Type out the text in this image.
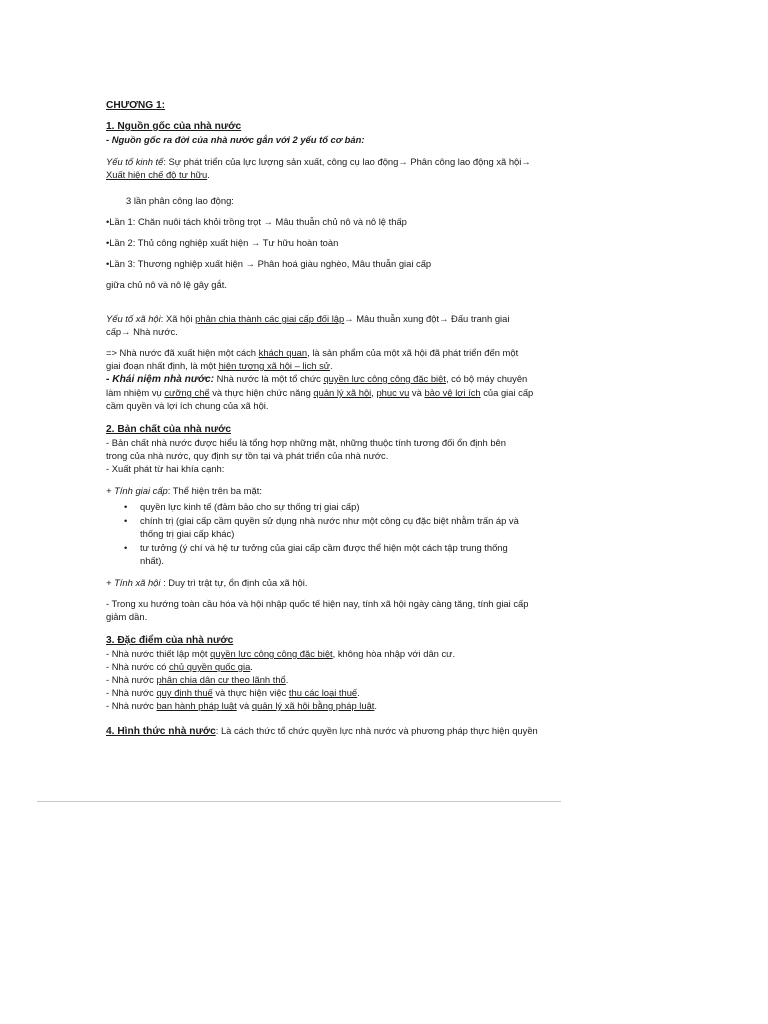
CHƯƠNG 1:
1. Nguồn gốc của nhà nước
- Nguồn gốc ra đời của nhà nước gắn với 2 yếu tố cơ bản:
Yếu tố kinh tế: Sự phát triển của lực lượng sản xuất, công cụ lao động→ Phân công lao động xã hội→
Xuất hiện chế độ tư hữu.
3 lần phân công lao động:
•Lần 1: Chăn nuôi tách khỏi trồng trọt → Mâu thuẫn chủ nô và nô lệ thấp
•Lần 2: Thủ công nghiệp xuất hiện → Tư hữu hoàn toàn
•Lần 3: Thương nghiệp xuất hiện → Phân hoá giàu nghèo, Mâu thuẫn giai cấp
giữa chủ nô và nô lệ gây gắt.
Yếu tố xã hội: Xã hội phân chia thành các giai cấp đối lập→ Mâu thuẫn xung đột→ Đấu tranh giai
cấp→ Nhà nước.
=> Nhà nước đã xuất hiện một cách khách quan, là sản phẩm của một xã hội đã phát triển đến một
giai đoạn nhất định, là một hiện tượng xã hội – lịch sử.
- Khái niệm nhà nước: Nhà nước là một tổ chức quyền lực công công đặc biệt, có bộ máy chuyên
làm nhiệm vụ cưỡng chế và thực hiện chức năng quản lý xã hội, phục vụ và bảo vệ lợi ích của giai cấp
cầm quyền và lợi ích chung của xã hội.
2. Bản chất của nhà nước
- Bản chất nhà nước được hiểu là tổng hợp những mặt, những thuộc tính tương đối ổn định bên
trong của nhà nước, quy định sự tồn tại và phát triển của nhà nước.
- Xuất phát từ hai khía cạnh:
+ Tính giai cấp: Thể hiện trên ba mặt:
• quyền lực kinh tế (đảm bảo cho sự thống trị giai cấp)
• chính trị (giai cấp cầm quyền sử dụng nhà nước như một công cụ đặc biệt nhằm trấn áp và
thống trị giai cấp khác)
• tư tưởng (ý chí và hệ tư tưởng của giai cấp cầm được thể hiện một cách tập trung thống
nhất).
+ Tính xã hội : Duy trì trật tự, ổn định của xã hội.
- Trong xu hướng toàn cầu hóa và hội nhập quốc tế hiện nay, tính xã hội ngày càng tăng, tính giai cấp
giảm dần.
3. Đặc điểm của nhà nước
- Nhà nước thiết lập một quyền lực công công đặc biệt, không hòa nhập với dân cư.
- Nhà nước có chủ quyền quốc gia.
- Nhà nước phân chia dân cư theo lãnh thổ.
- Nhà nước quy định thuế và thực hiện việc thu các loại thuế.
- Nhà nước ban hành pháp luật và quản lý xã hội bằng pháp luật.
4. Hình thức nhà nước: Là cách thức tổ chức quyền lực nhà nước và phương pháp thực hiện quyền
